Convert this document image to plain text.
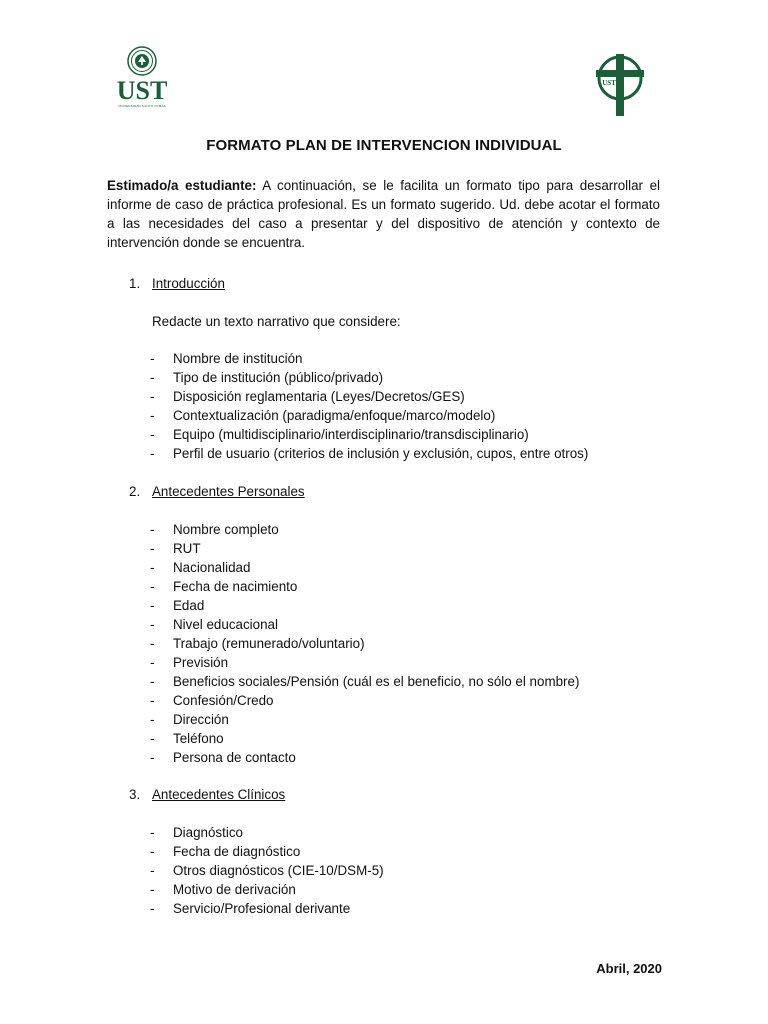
UST
UNIVERSIDAD SANTO TOMÁS
UST
FORMATO PLAN DE INTERVENCION INDIVIDUAL
Estimado/a estudiante: A continuación, se le facilita un formato tipo para desarrollar el informe de caso de práctica profesional. Es un formato sugerido. Ud. debe acotar el formato a las necesidades del caso a presentar y del dispositivo de atención y contexto de intervención donde se encuentra.
1. Introducción
Redacte un texto narrativo que considere:
- Nombre de institución
- Tipo de institución (público/privado)
- Disposición reglamentaria (Leyes/Decretos/GES)
- Contextualización (paradigma/enfoque/marco/modelo)
- Equipo (multidisciplinario/interdisciplinario/transdisciplinario)
- Perfil de usuario (criterios de inclusión y exclusión, cupos, entre otros)
2. Antecedentes Personales
- Nombre completo
- RUT
- Nacionalidad
- Fecha de nacimiento
- Edad
- Nivel educacional
- Trabajo (remunerado/voluntario)
- Previsión
- Beneficios sociales/Pensión (cuál es el beneficio, no sólo el nombre)
- Confesión/Credo
- Dirección
- Teléfono
- Persona de contacto
3. Antecedentes Clínicos
- Diagnóstico
- Fecha de diagnóstico
- Otros diagnósticos (CIE-10/DSM-5)
- Motivo de derivación
- Servicio/Profesional derivante
Abril, 2020
